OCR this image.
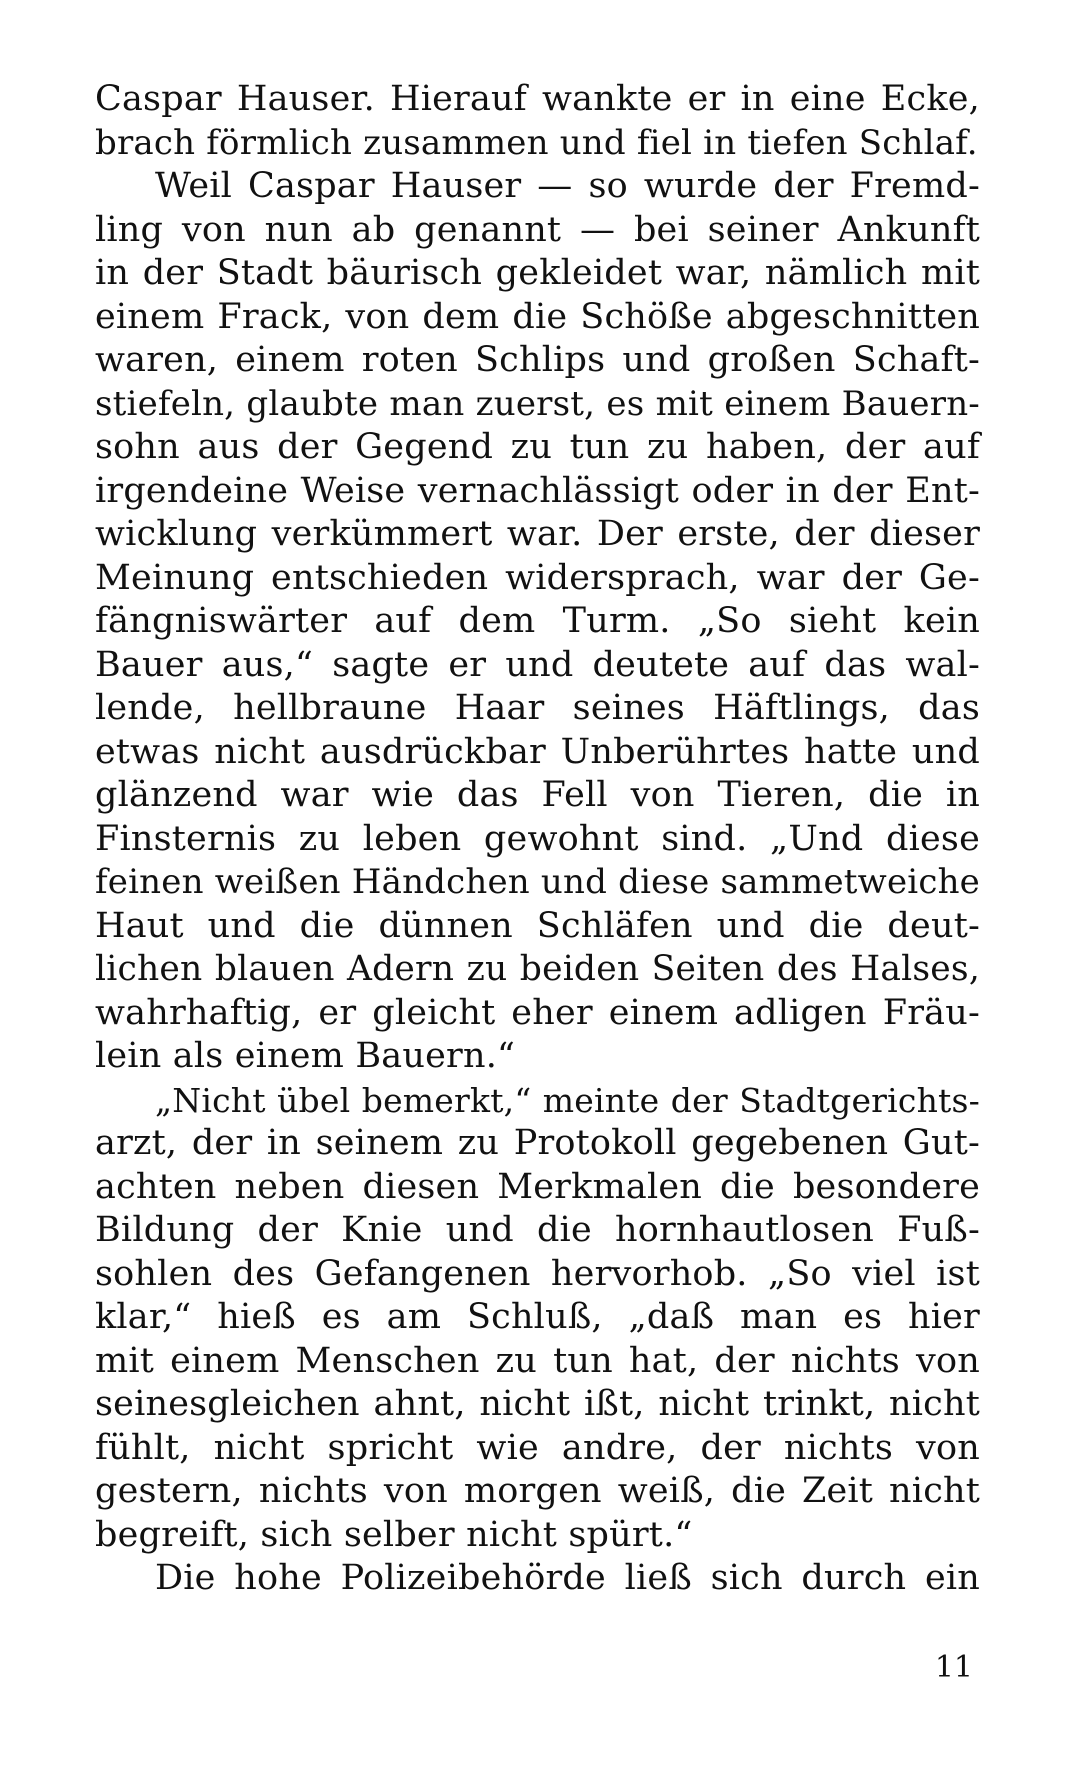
Caspar Hauser. Hierauf wankte er in eine Ecke,
brach förmlich zusammen und fiel in tiefen Schlaf.
Weil Caspar Hauser — so wurde der Fremd-
ling von nun ab genannt — bei seiner Ankunft
in der Stadt bäurisch gekleidet war, nämlich mit
einem Frack, von dem die Schöße abgeschnitten
waren, einem roten Schlips und großen Schaft-
stiefeln, glaubte man zuerst, es mit einem Bauern-
sohn aus der Gegend zu tun zu haben, der auf
irgendeine Weise vernachlässigt oder in der Ent-
wicklung verkümmert war. Der erste, der dieser
Meinung entschieden widersprach, war der Ge-
fängniswärter auf dem Turm. „So sieht kein
Bauer aus,“ sagte er und deutete auf das wal-
lende, hellbraune Haar seines Häftlings, das
etwas nicht ausdrückbar Unberührtes hatte und
glänzend war wie das Fell von Tieren, die in
Finsternis zu leben gewohnt sind. „Und diese
feinen weißen Händchen und diese sammetweiche
Haut und die dünnen Schläfen und die deut-
lichen blauen Adern zu beiden Seiten des Halses,
wahrhaftig, er gleicht eher einem adligen Fräu-
lein als einem Bauern.“
„Nicht übel bemerkt,“ meinte der Stadtgerichts-
arzt, der in seinem zu Protokoll gegebenen Gut-
achten neben diesen Merkmalen die besondere
Bildung der Knie und die hornhautlosen Fuß-
sohlen des Gefangenen hervorhob. „So viel ist
klar,“ hieß es am Schluß, „daß man es hier
mit einem Menschen zu tun hat, der nichts von
seinesgleichen ahnt, nicht ißt, nicht trinkt, nicht
fühlt, nicht spricht wie andre, der nichts von
gestern, nichts von morgen weiß, die Zeit nicht
begreift, sich selber nicht spürt.“
Die hohe Polizeibehörde ließ sich durch ein
11
